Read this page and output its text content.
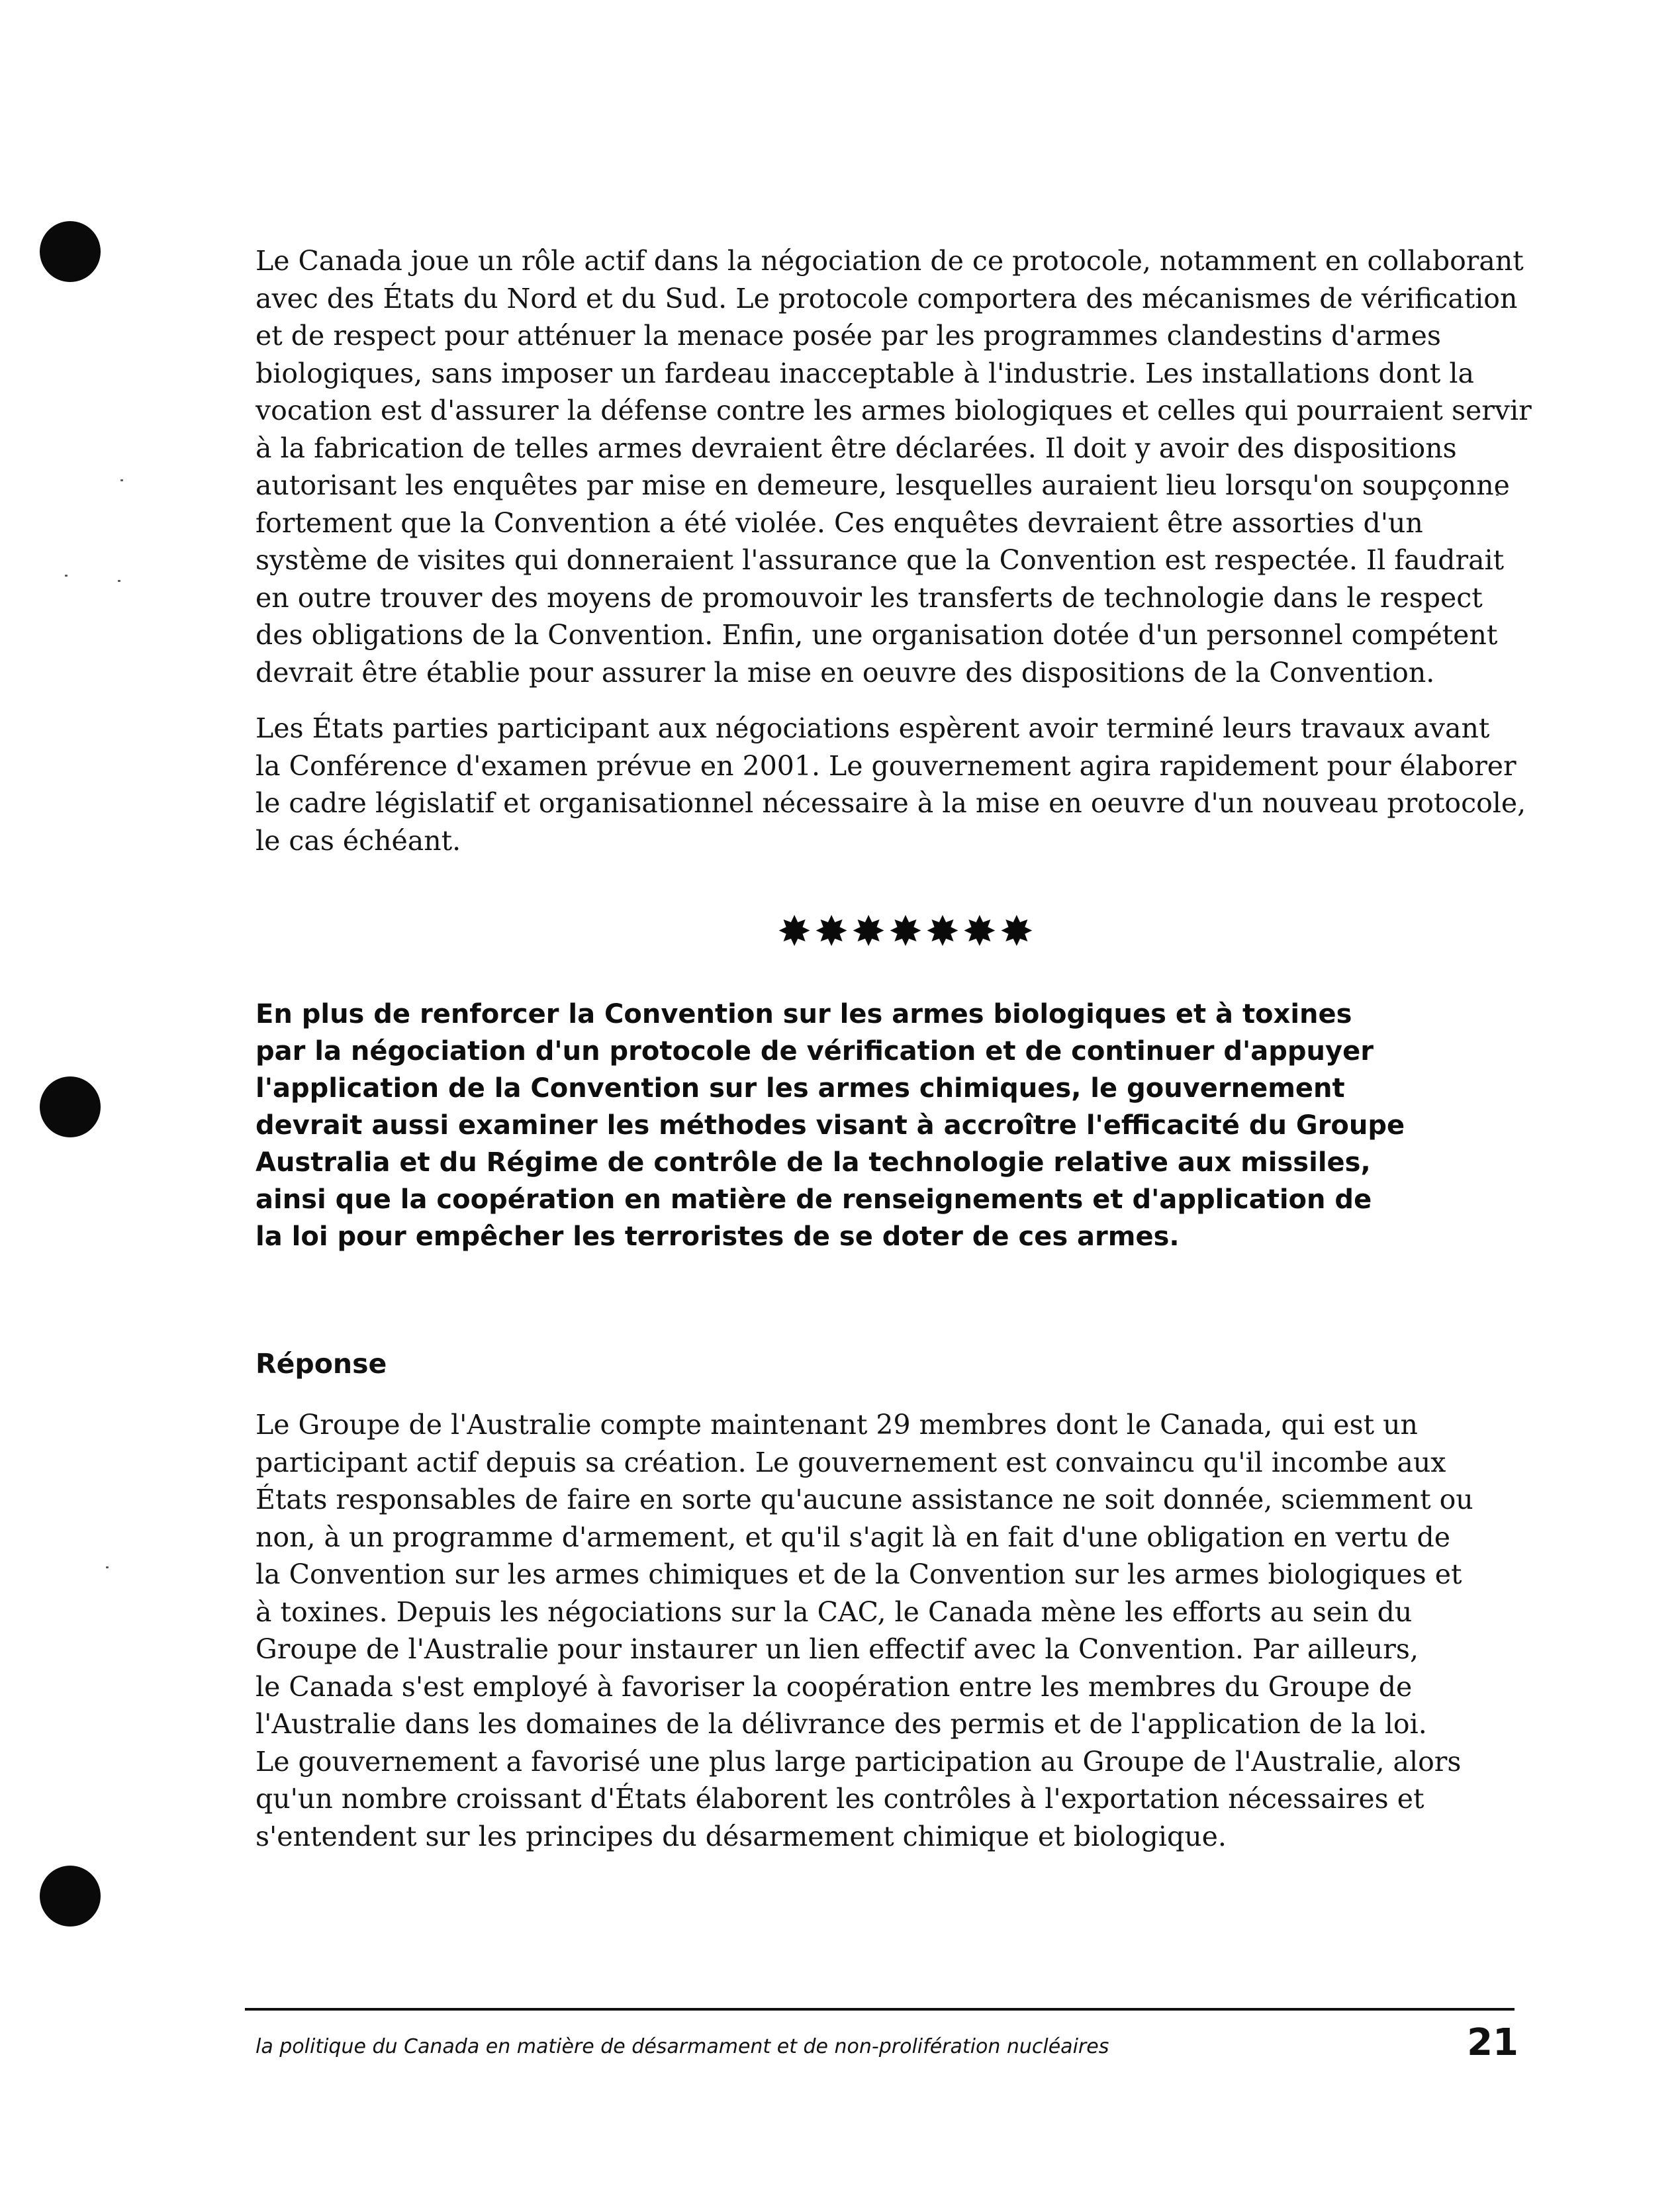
Le Canada joue un rôle actif dans la négociation de ce protocole, notamment en collaborant
avec des États du Nord et du Sud. Le protocole comportera des mécanismes de vérification
et de respect pour atténuer la menace posée par les programmes clandestins d'armes
biologiques, sans imposer un fardeau inacceptable à l'industrie. Les installations dont la
vocation est d'assurer la défense contre les armes biologiques et celles qui pourraient servir
à la fabrication de telles armes devraient être déclarées. Il doit y avoir des dispositions
autorisant les enquêtes par mise en demeure, lesquelles auraient lieu lorsqu'on soupçonne
fortement que la Convention a été violée. Ces enquêtes devraient être assorties d'un
système de visites qui donneraient l'assurance que la Convention est respectée. Il faudrait
en outre trouver des moyens de promouvoir les transferts de technologie dans le respect
des obligations de la Convention. Enfin, une organisation dotée d'un personnel compétent
devrait être établie pour assurer la mise en oeuvre des dispositions de la Convention.

Les États parties participant aux négociations espèrent avoir terminé leurs travaux avant
la Conférence d'examen prévue en 2001. Le gouvernement agira rapidement pour élaborer
le cadre législatif et organisationnel nécessaire à la mise en oeuvre d'un nouveau protocole,
le cas échéant.

✸✸✸✸✸✸✸

En plus de renforcer la Convention sur les armes biologiques et à toxines
par la négociation d'un protocole de vérification et de continuer d'appuyer
l'application de la Convention sur les armes chimiques, le gouvernement
devrait aussi examiner les méthodes visant à accroître l'efficacité du Groupe
Australia et du Régime de contrôle de la technologie relative aux missiles,
ainsi que la coopération en matière de renseignements et d'application de
la loi pour empêcher les terroristes de se doter de ces armes.

Réponse

Le Groupe de l'Australie compte maintenant 29 membres dont le Canada, qui est un
participant actif depuis sa création. Le gouvernement est convaincu qu'il incombe aux
États responsables de faire en sorte qu'aucune assistance ne soit donnée, sciemment ou
non, à un programme d'armement, et qu'il s'agit là en fait d'une obligation en vertu de
la Convention sur les armes chimiques et de la Convention sur les armes biologiques et
à toxines. Depuis les négociations sur la CAC, le Canada mène les efforts au sein du
Groupe de l'Australie pour instaurer un lien effectif avec la Convention. Par ailleurs,
le Canada s'est employé à favoriser la coopération entre les membres du Groupe de
l'Australie dans les domaines de la délivrance des permis et de l'application de la loi.
Le gouvernement a favorisé une plus large participation au Groupe de l'Australie, alors
qu'un nombre croissant d'États élaborent les contrôles à l'exportation nécessaires et
s'entendent sur les principes du désarmement chimique et biologique.

la politique du Canada en matière de désarmament et de non-prolifération nucléaires	21
